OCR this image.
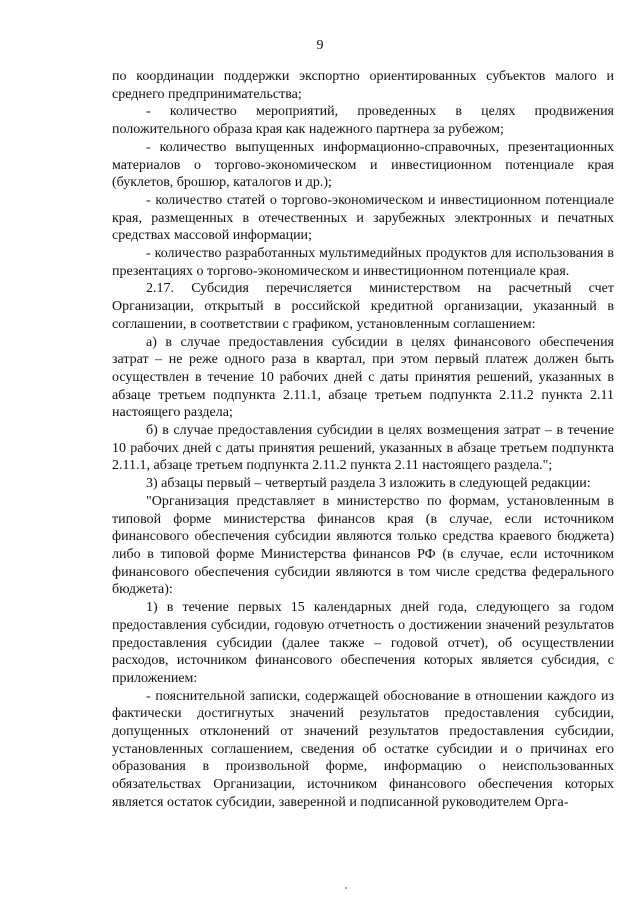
9

по координации поддержки экспортно ориентированных субъектов малого и среднего предпринимательства;

- количество мероприятий, проведенных в целях продвижения положительного образа края как надежного партнера за рубежом;

- количество выпущенных информационно-справочных, презентационных материалов о торгово-экономическом и инвестиционном потенциале края (буклетов, брошюр, каталогов и др.);

- количество статей о торгово-экономическом и инвестиционном потенциале края, размещенных в отечественных и зарубежных электронных и печатных средствах массовой информации;

- количество разработанных мультимедийных продуктов для использования в презентациях о торгово-экономическом и инвестиционном потенциале края.

2.17. Субсидия перечисляется министерством на расчетный счет Организации, открытый в российской кредитной организации, указанный в соглашении, в соответствии с графиком, установленным соглашением:

а) в случае предоставления субсидии в целях финансового обеспечения затрат – не реже одного раза в квартал, при этом первый платеж должен быть осуществлен в течение 10 рабочих дней с даты принятия решений, указанных в абзаце третьем подпункта 2.11.1, абзаце третьем подпункта 2.11.2 пункта 2.11 настоящего раздела;

б) в случае предоставления субсидии в целях возмещения затрат – в течение 10 рабочих дней с даты принятия решений, указанных в абзаце третьем подпункта 2.11.1, абзаце третьем подпункта 2.11.2 пункта 2.11 настоящего раздела.";

3) абзацы первый – четвертый раздела 3 изложить в следующей редакции:

"Организация представляет в министерство по формам, установленным в типовой форме министерства финансов края (в случае, если источником финансового обеспечения субсидии являются только средства краевого бюджета) либо в типовой форме Министерства финансов РФ (в случае, если источником финансового обеспечения субсидии являются в том числе средства федерального бюджета):

1) в течение первых 15 календарных дней года, следующего за годом предоставления субсидии, годовую отчетность о достижении значений результатов предоставления субсидии (далее также – годовой отчет), об осуществлении расходов, источником финансового обеспечения которых является субсидия, с приложением:

- пояснительной записки, содержащей обоснование в отношении каждого из фактически достигнутых значений результатов предоставления субсидии, допущенных отклонений от значений результатов предоставления субсидии, установленных соглашением, сведения об остатке субсидии и о причинах его образования в произвольной форме, информацию о неиспользованных обязательствах Организации, источником финансового обеспечения которых является остаток субсидии, заверенной и подписанной руководителем Орга-
